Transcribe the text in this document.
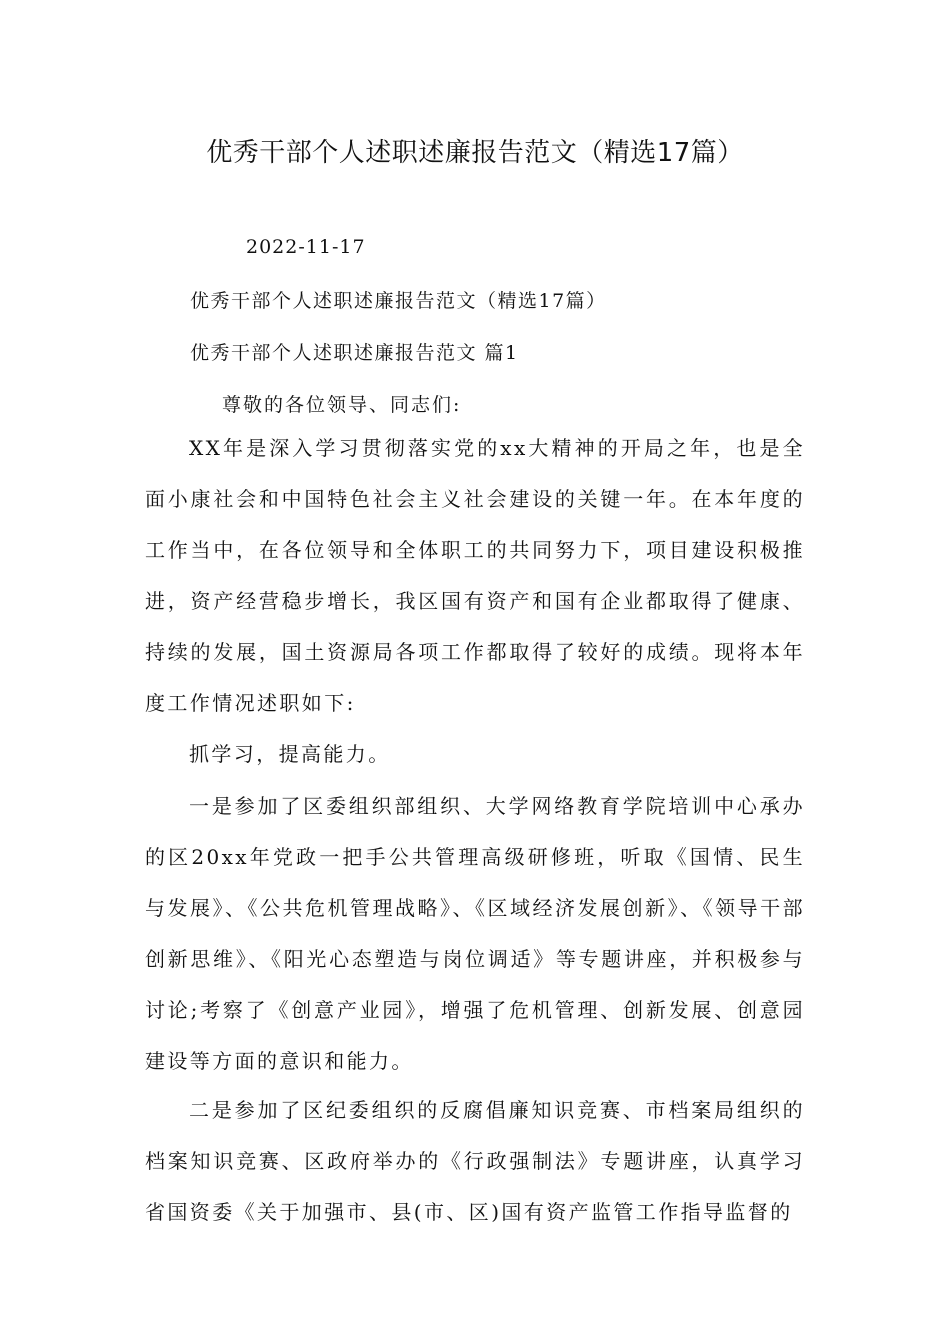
优秀干部个人述职述廉报告范文（精选17篇）

2022-11-17

优秀干部个人述职述廉报告范文（精选17篇）

优秀干部个人述职述廉报告范文 篇1

尊敬的各位领导、同志们:

XX年是深入学习贯彻落实党的xx大精神的开局之年，也是全面小康社会和中国特色社会主义社会建设的关键一年。在本年度的工作当中，在各位领导和全体职工的共同努力下，项目建设积极推进，资产经营稳步增长，我区国有资产和国有企业都取得了健康、持续的发展，国土资源局各项工作都取得了较好的成绩。现将本年度工作情况述职如下:

抓学习，提高能力。

一是参加了区委组织部组织、大学网络教育学院培训中心承办的区20xx年党政一把手公共管理高级研修班，听取《国情、民生与发展》、《公共危机管理战略》、《区域经济发展创新》、《领导干部创新思维》、《阳光心态塑造与岗位调适》等专题讲座，并积极参与讨论;考察了《创意产业园》，增强了危机管理、创新发展、创意园建设等方面的意识和能力。

二是参加了区纪委组织的反腐倡廉知识竞赛、市档案局组织的档案知识竞赛、区政府举办的《行政强制法》专题讲座，认真学习省国资委《关于加强市、县(市、区)国有资产监管工作指导监督的
